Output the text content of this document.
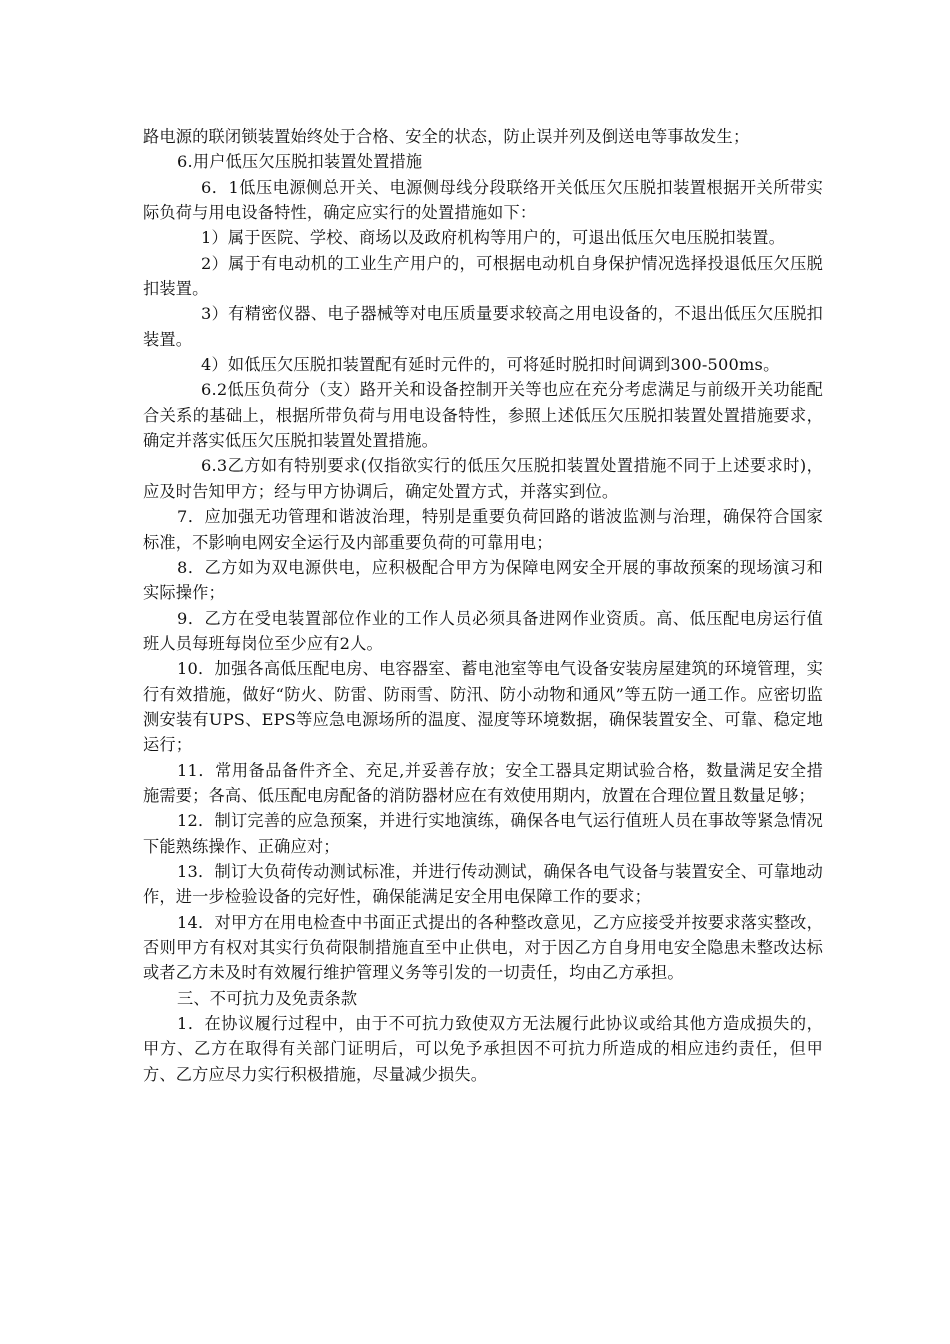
路电源的联闭锁装置始终处于合格、安全的状态，防止误并列及倒送电等事故发生；

6.用户低压欠压脱扣装置处置措施

6．1低压电源侧总开关、电源侧母线分段联络开关低压欠压脱扣装置根据开关所带实际负荷与用电设备特性，确定应实行的处置措施如下：

1）属于医院、学校、商场以及政府机构等用户的，可退出低压欠电压脱扣装置。

2）属于有电动机的工业生产用户的，可根据电动机自身保护情况选择投退低压欠压脱扣装置。

3）有精密仪器、电子器械等对电压质量要求较高之用电设备的，不退出低压欠压脱扣装置。

4）如低压欠压脱扣装置配有延时元件的，可将延时脱扣时间调到300-500ms。

6.2低压负荷分（支）路开关和设备控制开关等也应在充分考虑满足与前级开关功能配合关系的基础上，根据所带负荷与用电设备特性，参照上述低压欠压脱扣装置处置措施要求，确定并落实低压欠压脱扣装置处置措施。

6.3乙方如有特别要求(仅指欲实行的低压欠压脱扣装置处置措施不同于上述要求时)，应及时告知甲方；经与甲方协调后，确定处置方式，并落实到位。

7．应加强无功管理和谐波治理，特别是重要负荷回路的谐波监测与治理，确保符合国家标准，不影响电网安全运行及内部重要负荷的可靠用电；

8．乙方如为双电源供电，应积极配合甲方为保障电网安全开展的事故预案的现场演习和实际操作；

9．乙方在受电装置部位作业的工作人员必须具备进网作业资质。高、低压配电房运行值班人员每班每岗位至少应有2人。

10．加强各高低压配电房、电容器室、蓄电池室等电气设备安装房屋建筑的环境管理，实行有效措施，做好“防火、防雷、防雨雪、防汛、防小动物和通风”等五防一通工作。应密切监测安装有UPS、EPS等应急电源场所的温度、湿度等环境数据，确保装置安全、可靠、稳定地运行；

11．常用备品备件齐全、充足,并妥善存放；安全工器具定期试验合格，数量满足安全措施需要；各高、低压配电房配备的消防器材应在有效使用期内，放置在合理位置且数量足够；

12．制订完善的应急预案，并进行实地演练，确保各电气运行值班人员在事故等紧急情况下能熟练操作、正确应对；

13．制订大负荷传动测试标准，并进行传动测试，确保各电气设备与装置安全、可靠地动作，进一步检验设备的完好性，确保能满足安全用电保障工作的要求；

14．对甲方在用电检查中书面正式提出的各种整改意见，乙方应接受并按要求落实整改，否则甲方有权对其实行负荷限制措施直至中止供电，对于因乙方自身用电安全隐患未整改达标或者乙方未及时有效履行维护管理义务等引发的一切责任，均由乙方承担。

三、不可抗力及免责条款

1．在协议履行过程中，由于不可抗力致使双方无法履行此协议或给其他方造成损失的，甲方、乙方在取得有关部门证明后，可以免予承担因不可抗力所造成的相应违约责任，但甲方、乙方应尽力实行积极措施，尽量减少损失。
